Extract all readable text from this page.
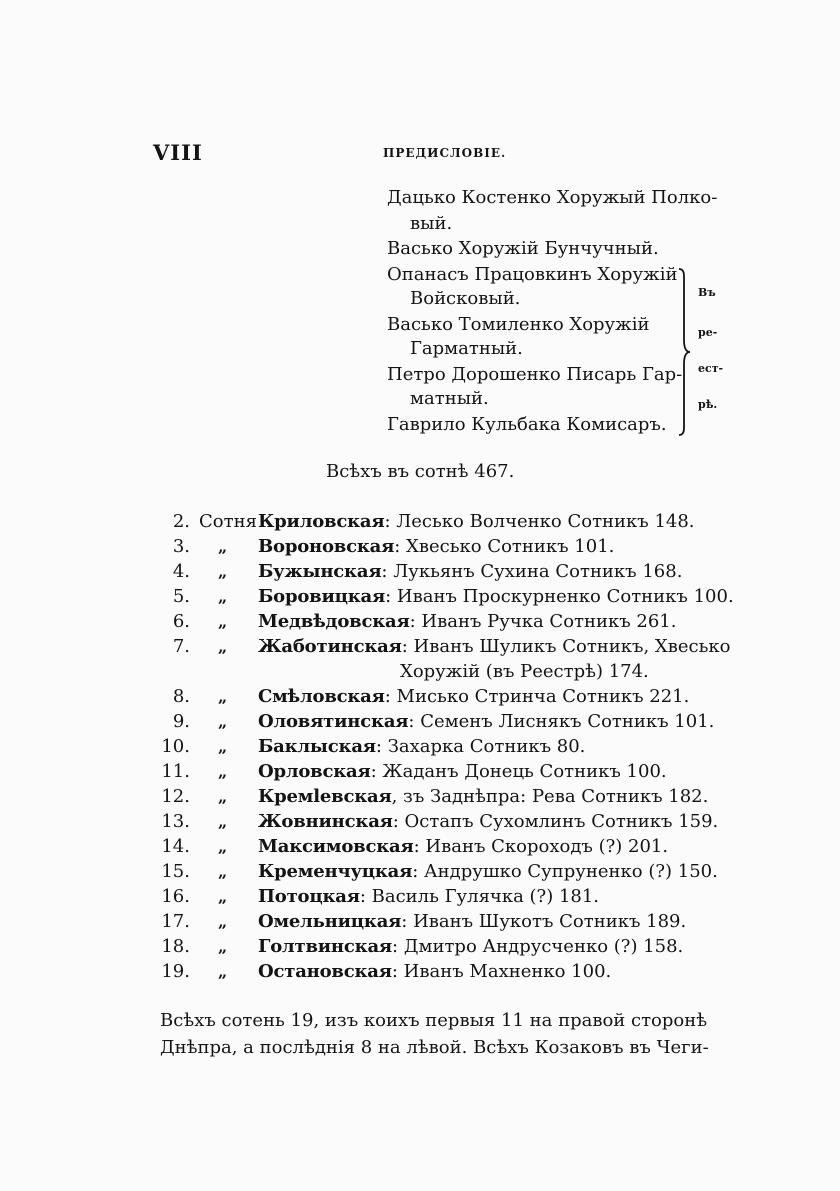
VIII	ПРЕДИСЛОВІЕ.
Дацько Костенко Хоружый Полко-
вый.
Васько Хоружій Бунчучный.
Опанасъ Працовкинъ Хоружій
Войсковый.
Васько Томиленко Хоружій
Гарматный.
Петро Дорошенко Писарь Гар-
матный.
Гаврило Кульбака Комисаръ.
Въ
ре-
ест-
рѣ.
Всѣхъ въ сотнѣ 467.
2. Сотня Криловская: Лесько Волченко Сотникъ 148.
3. „ Вороновская: Хвесько Сотникъ 101.
4. „ Бужынская: Лукьянъ Сухина Сотникъ 168.
5. „ Боровицкая: Иванъ Проскурненко Сотникъ 100.
6. „ Медвѣдовская: Иванъ Ручка Сотникъ 261.
7. „ Жаботинская: Иванъ Шуликъ Сотникъ, Хвесько
Хоружій (въ Реестрѣ) 174.
8. „ Смѣловская: Мисько Стринча Сотникъ 221.
9. „ Оловятинская: Семенъ Лиснякъ Сотникъ 101.
10. „ Баклыская: Захарка Сотникъ 80.
11. „ Орловская: Жаданъ Донець Сотникъ 100.
12. „ Кремlевская, зъ Заднѣпра: Рева Сотникъ 182.
13. „ Жовнинская: Остапъ Сухомлинъ Сотникъ 159.
14. „ Максимовская: Иванъ Скороходъ (?) 201.
15. „ Кременчуцкая: Андрушко Супруненко (?) 150.
16. „ Потоцкая: Василь Гулячка (?) 181.
17. „ Омельницкая: Иванъ Шукотъ Сотникъ 189.
18. „ Голтвинская: Дмитро Андрусченко (?) 158.
19. „ Остановская: Иванъ Махненко 100.
Всѣхъ сотень 19, изъ коихъ первыя 11 на правой сторонѣ
Днѣпра, а послѣднія 8 на лѣвой. Всѣхъ Козаковъ въ Чеги-
